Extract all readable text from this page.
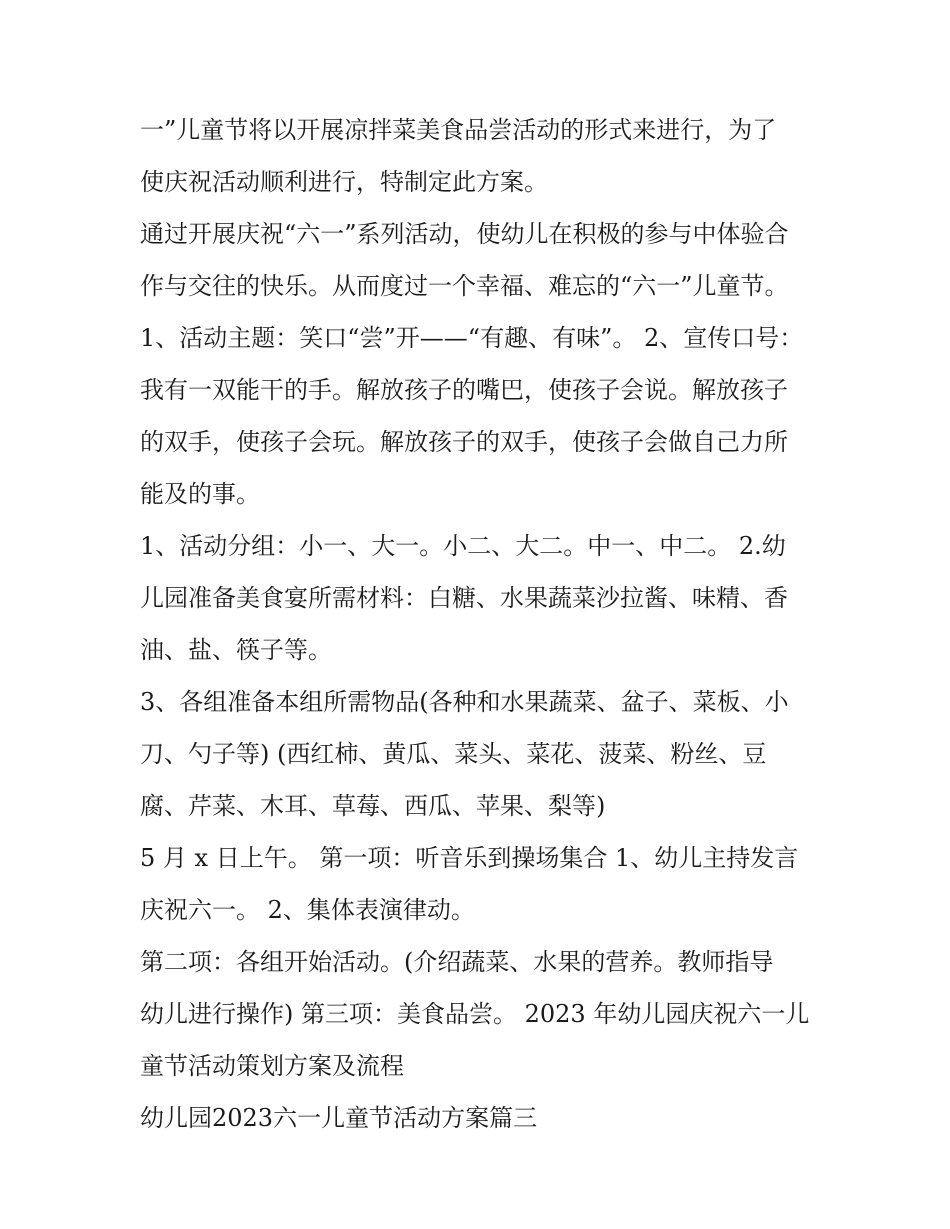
一”儿童节将以开展凉拌菜美食品尝活动的形式来进行，为了

使庆祝活动顺利进行，特制定此方案。

通过开展庆祝“六一”系列活动，使幼儿在积极的参与中体验合

作与交往的快乐。从而度过一个幸福、难忘的“六一”儿童节。

1、活动主题：笑口“尝”开——“有趣、有味”。 2、宣传口号：

我有一双能干的手。解放孩子的嘴巴，使孩子会说。解放孩子

的双手，使孩子会玩。解放孩子的双手，使孩子会做自己力所

能及的事。

1、活动分组：小一、大一。小二、大二。中一、中二。 2.幼

儿园准备美食宴所需材料：白糖、水果蔬菜沙拉酱、味精、香

油、盐、筷子等。

3、各组准备本组所需物品(各种和水果蔬菜、盆子、菜板、小

刀、勺子等) (西红柿、黄瓜、菜头、菜花、菠菜、粉丝、豆

腐、芹菜、木耳、草莓、西瓜、苹果、梨等)

5 月 x 日上午。 第一项：听音乐到操场集合 1、幼儿主持发言

庆祝六一。 2、集体表演律动。

第二项：各组开始活动。(介绍蔬菜、水果的营养。教师指导

幼儿进行操作) 第三项：美食品尝。 2023 年幼儿园庆祝六一儿

童节活动策划方案及流程

幼儿园2023六一儿童节活动方案篇三
